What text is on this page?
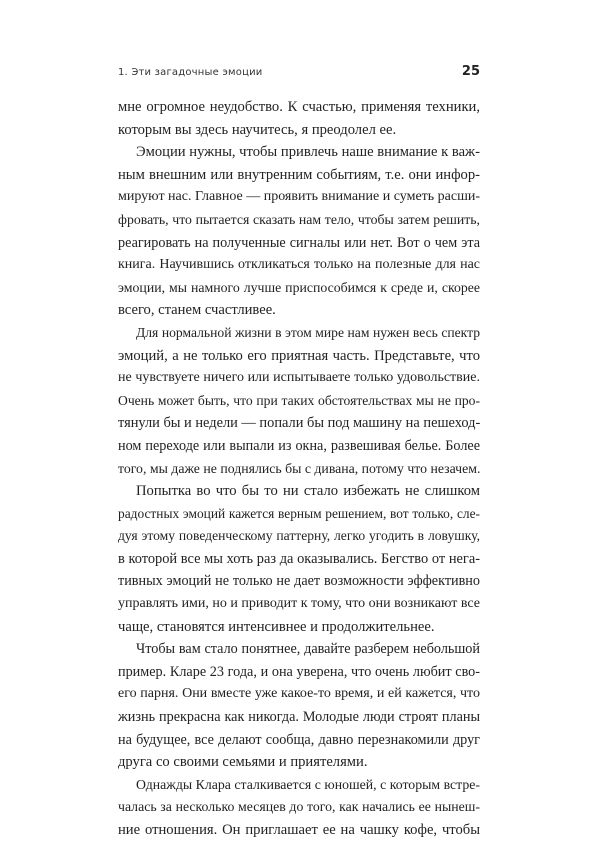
1. Эти загадочные эмоции	25
мне огромное неудобство. К счастью, применяя техники,
которым вы здесь научитесь, я преодолел ее.
Эмоции нужны, чтобы привлечь наше внимание к важ-
ным внешним или внутренним событиям, т.е. они инфор-
мируют нас. Главное — проявить внимание и суметь расши-
фровать, что пытается сказать нам тело, чтобы затем решить,
реагировать на полученные сигналы или нет. Вот о чем эта
книга. Научившись откликаться только на полезные для нас
эмоции, мы намного лучше приспособимся к среде и, скорее
всего, станем счастливее.
Для нормальной жизни в этом мире нам нужен весь спектр
эмоций, а не только его приятная часть. Представьте, что
не чувствуете ничего или испытываете только удовольствие.
Очень может быть, что при таких обстоятельствах мы не про-
тянули бы и недели — попали бы под машину на пешеход-
ном переходе или выпали из окна, развешивая белье. Более
того, мы даже не поднялись бы с дивана, потому что незачем.
Попытка во что бы то ни стало избежать не слишком
радостных эмоций кажется верным решением, вот только, сле-
дуя этому поведенческому паттерну, легко угодить в ловушку,
в которой все мы хоть раз да оказывались. Бегство от нега-
тивных эмоций не только не дает возможности эффективно
управлять ими, но и приводит к тому, что они возникают все
чаще, становятся интенсивнее и продолжительнее.
Чтобы вам стало понятнее, давайте разберем небольшой
пример. Кларе 23 года, и она уверена, что очень любит сво-
его парня. Они вместе уже какое-то время, и ей кажется, что
жизнь прекрасна как никогда. Молодые люди строят планы
на будущее, все делают сообща, давно перезнакомили друг
друга со своими семьями и приятелями.
Однажды Клара сталкивается с юношей, с которым встре-
чалась за несколько месяцев до того, как начались ее нынеш-
ние отношения. Он приглашает ее на чашку кофе, чтобы
